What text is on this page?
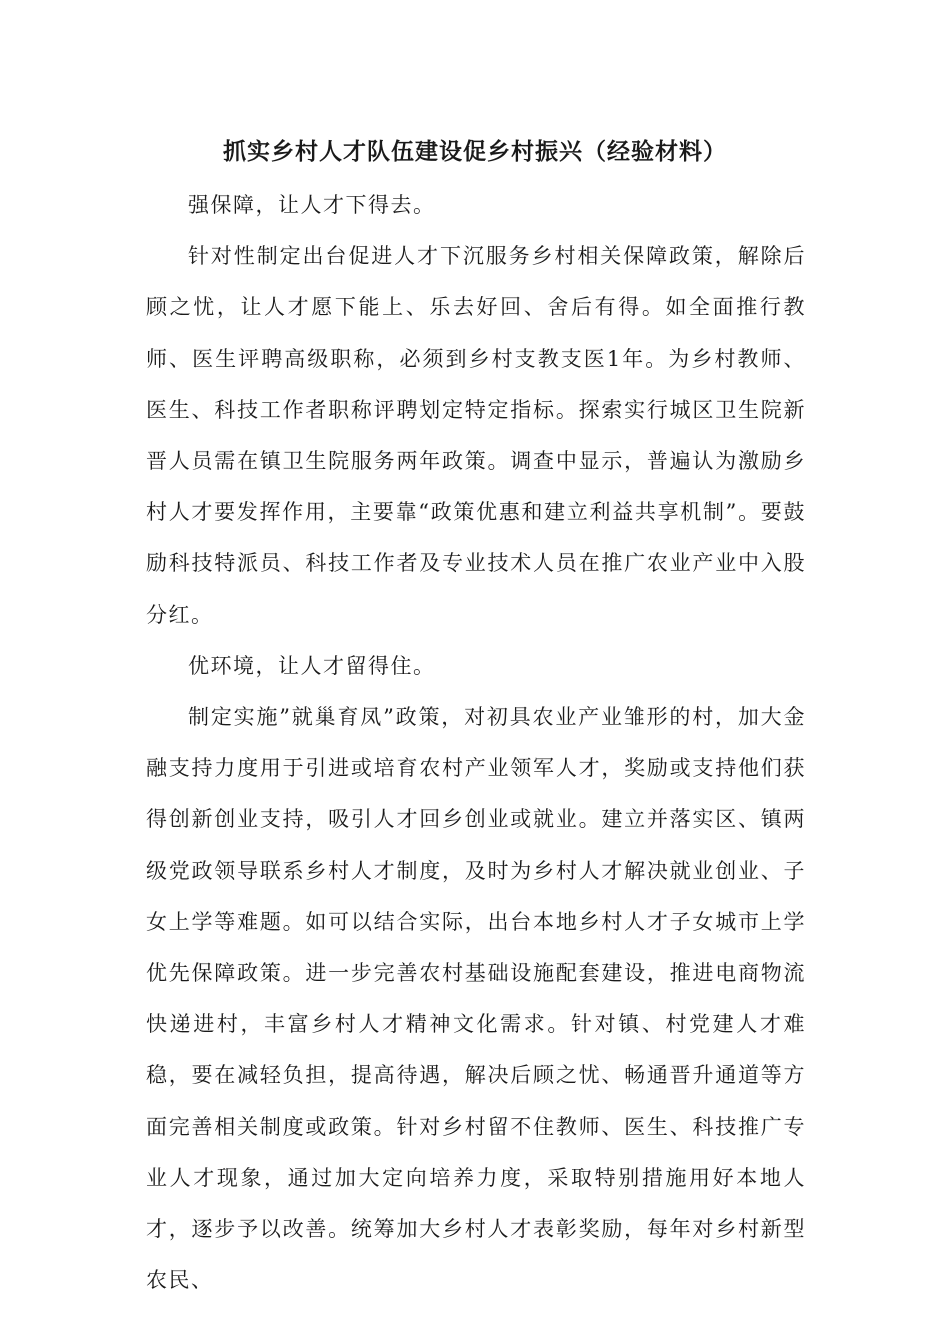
抓实乡村人才队伍建设促乡村振兴（经验材料）

强保障，让人才下得去。

针对性制定出台促进人才下沉服务乡村相关保障政策，解除后顾之忧，让人才愿下能上、乐去好回、舍后有得。如全面推行教师、医生评聘高级职称，必须到乡村支教支医1年。为乡村教师、医生、科技工作者职称评聘划定特定指标。探索实行城区卫生院新晋人员需在镇卫生院服务两年政策。调查中显示，普遍认为激励乡村人才要发挥作用，主要靠“政策优惠和建立利益共享机制”。要鼓励科技特派员、科技工作者及专业技术人员在推广农业产业中入股分红。

优环境，让人才留得住。

制定实施”就巢育凤”政策，对初具农业产业雏形的村，加大金融支持力度用于引进或培育农村产业领军人才，奖励或支持他们获得创新创业支持，吸引人才回乡创业或就业。建立并落实区、镇两级党政领导联系乡村人才制度，及时为乡村人才解决就业创业、子女上学等难题。如可以结合实际，出台本地乡村人才子女城市上学优先保障政策。进一步完善农村基础设施配套建设，推进电商物流快递进村，丰富乡村人才精神文化需求。针对镇、村党建人才难稳，要在减轻负担，提高待遇，解决后顾之忧、畅通晋升通道等方面完善相关制度或政策。针对乡村留不住教师、医生、科技推广专业人才现象，通过加大定向培养力度，采取特别措施用好本地人才，逐步予以改善。统筹加大乡村人才表彰奖励，每年对乡村新型农民、
